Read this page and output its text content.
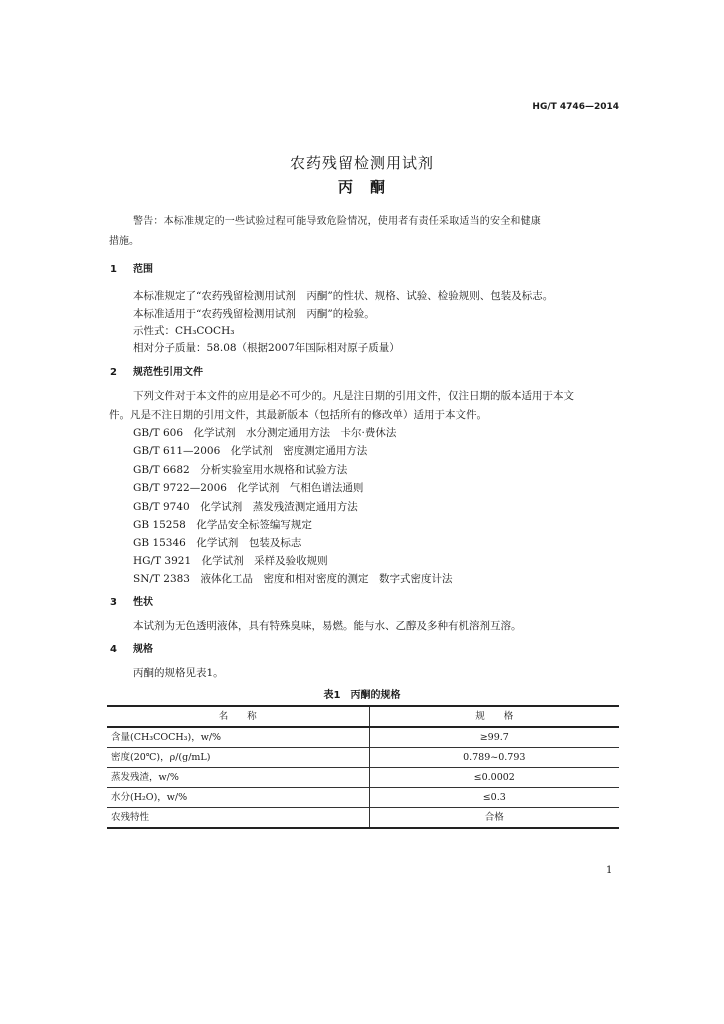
HG/T 4746—2014
农药残留检测用试剂
丙　酮
警告：本标准规定的一些试验过程可能导致危险情况，使用者有责任采取适当的安全和健康
措施。
1 范围
本标准规定了“农药残留检测用试剂　丙酮”的性状、规格、试验、检验规则、包装及标志。
本标准适用于“农药残留检测用试剂　丙酮”的检验。
示性式：CH₃COCH₃
相对分子质量：58.08（根据2007年国际相对原子质量）
2 规范性引用文件
下列文件对于本文件的应用是必不可少的。凡是注日期的引用文件，仅注日期的版本适用于本文
件。凡是不注日期的引用文件，其最新版本（包括所有的修改单）适用于本文件。
GB/T 606　化学试剂　水分测定通用方法　卡尔·费休法
GB/T 611—2006　化学试剂　密度测定通用方法
GB/T 6682　分析实验室用水规格和试验方法
GB/T 9722—2006　化学试剂　气相色谱法通则
GB/T 9740　化学试剂　蒸发残渣测定通用方法
GB 15258　化学品安全标签编写规定
GB 15346　化学试剂　包装及标志
HG/T 3921　化学试剂　采样及验收规则
SN/T 2383　液体化工品　密度和相对密度的测定　数字式密度计法
3 性状
本试剂为无色透明液体，具有特殊臭味，易燃。能与水、乙醇及多种有机溶剂互溶。
4 规格
丙酮的规格见表1。
表1　丙酮的规格
名　　称	规　　格
含量(CH₃COCH₃)，w/%	≥99.7
密度(20℃)，ρ/(g/mL)	0.789~0.793
蒸发残渣，w/%	≤0.0002
水分(H₂O)，w/%	≤0.3
农残特性	合格
1
